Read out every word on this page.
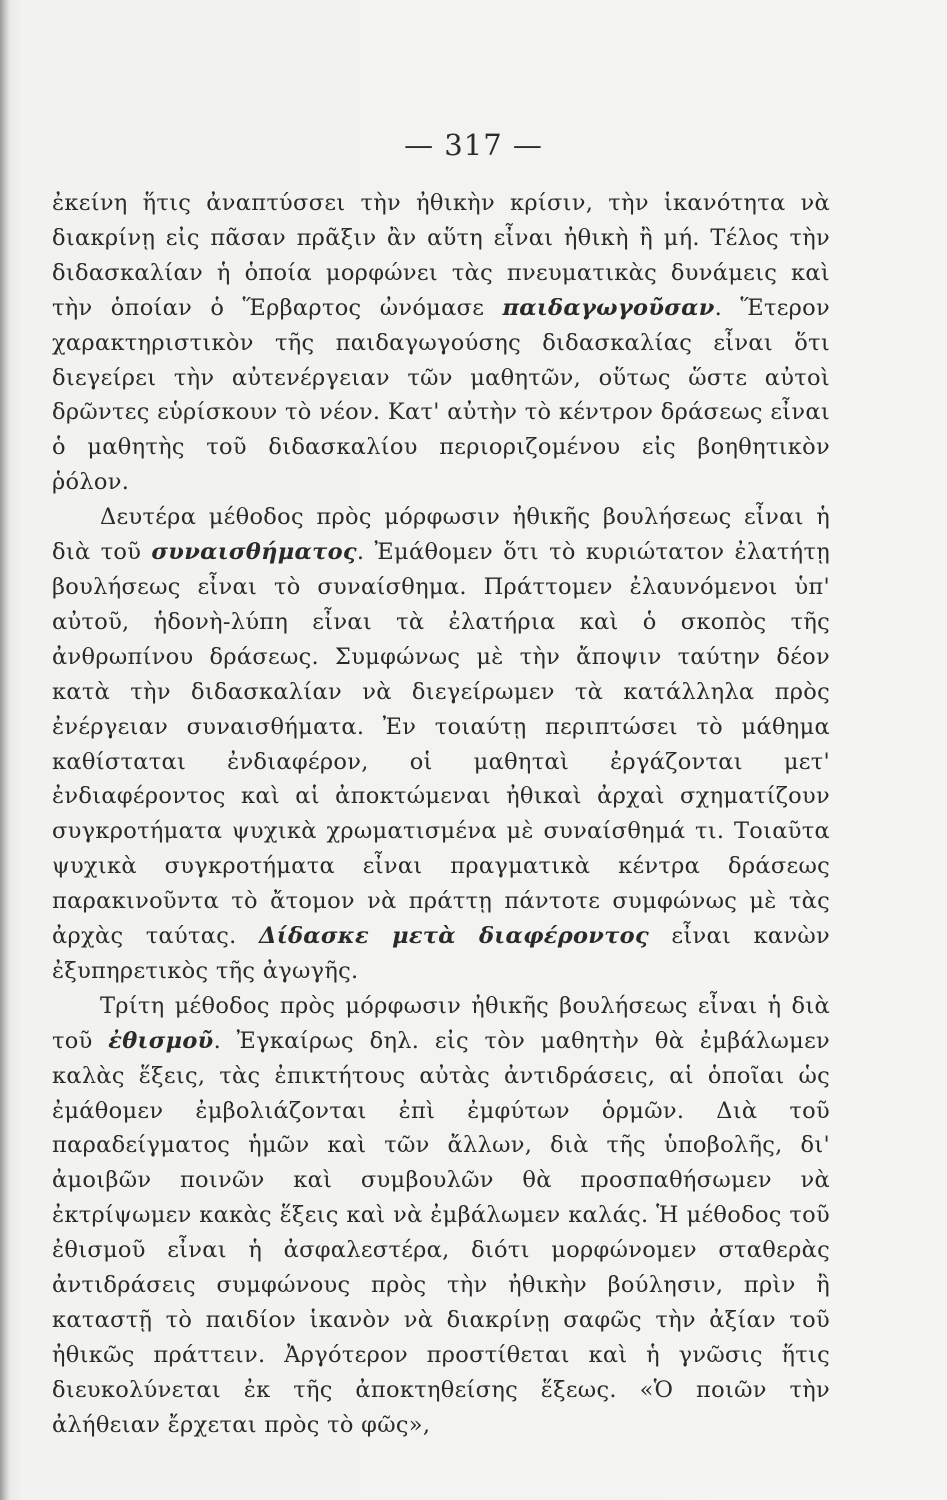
— 317 —

ἐκείνη ἥτις ἀναπτύσσει τὴν ἠθικὴν κρίσιν, τὴν ἱκανότητα νὰ διακρίνῃ εἰς πᾶσαν πρᾶξιν ἂν αὕτη εἶναι ἠθικὴ ἢ μή. Τέλος τὴν διδασκαλίαν ἡ ὁποία μορφώνει τὰς πνευματικὰς δυνάμεις καὶ τὴν ὁποίαν ὁ Ἕρβαρτος ὠνόμασε παιδαγωγοῦσαν. Ἕτερον χαρακτηριστικὸν τῆς παιδαγωγούσης διδασκαλίας εἶναι ὅτι διεγείρει τὴν αὐτενέργειαν τῶν μαθητῶν, οὕτως ὥστε αὐτοὶ δρῶντες εὑρίσκουν τὸ νέον. Κατ' αὐτὴν τὸ κέντρον δράσεως εἶναι ὁ μαθητὴς τοῦ διδασκαλίου περιοριζομένου εἰς βοηθητικὸν ῥόλον.

Δευτέρα μέθοδος πρὸς μόρφωσιν ἠθικῆς βουλήσεως εἶναι ἡ διὰ τοῦ συναισθήματος. Ἐμάθομεν ὅτι τὸ κυριώτατον ἐλατήτῃ βουλήσεως εἶναι τὸ συναίσθημα. Πράττομεν ἐλαυνόμενοι ὑπ' αὐτοῦ, ἡδονὴ-λύπη εἶναι τὰ ἐλατήρια καὶ ὁ σκοπὸς τῆς ἀνθρωπίνου δράσεως. Συμφώνως μὲ τὴν ἄποψιν ταύτην δέον κατὰ τὴν διδασκαλίαν νὰ διεγείρωμεν τὰ κατάλληλα πρὸς ἐνέργειαν συναισθήματα. Ἐν τοιαύτῃ περιπτώσει τὸ μάθημα καθίσταται ἐνδιαφέρον, οἱ μαθηταὶ ἐργάζονται μετ' ἐνδιαφέροντος καὶ αἱ ἀποκτώμεναι ἠθικαὶ ἀρχαὶ σχηματίζουν συγκροτήματα ψυχικὰ χρωματισμένα μὲ συναίσθημά τι. Τοιαῦτα ψυχικὰ συγκροτήματα εἶναι πραγματικὰ κέντρα δράσεως παρακινοῦντα τὸ ἄτομον νὰ πράττῃ πάντοτε συμφώνως μὲ τὰς ἀρχὰς ταύτας. Δίδασκε μετὰ διαφέροντος εἶναι κανὼν ἐξυπηρετικὸς τῆς ἀγωγῆς.

Τρίτη μέθοδος πρὸς μόρφωσιν ἠθικῆς βουλήσεως εἶναι ἡ διὰ τοῦ ἐθισμοῦ. Ἐγκαίρως δηλ. εἰς τὸν μαθητὴν θὰ ἐμβάλωμεν καλὰς ἕξεις, τὰς ἐπικτήτους αὐτὰς ἀντιδράσεις, αἱ ὁποῖαι ὡς ἐμάθομεν ἐμβολιάζονται ἐπὶ ἐμφύτων ὁρμῶν. Διὰ τοῦ παραδείγματος ἡμῶν καὶ τῶν ἄλλων, διὰ τῆς ὑποβολῆς, δι' ἀμοιβῶν ποινῶν καὶ συμβουλῶν θὰ προσπαθήσωμεν νὰ ἐκτρίψωμεν κακὰς ἕξεις καὶ νὰ ἐμβάλωμεν καλάς. Ἡ μέθοδος τοῦ ἐθισμοῦ εἶναι ἡ ἀσφαλεστέρα, διότι μορφώνομεν σταθερὰς ἀντιδράσεις συμφώνους πρὸς τὴν ἠθικὴν βούλησιν, πρὶν ἢ καταστῇ τὸ παιδίον ἱκανὸν νὰ διακρίνῃ σαφῶς τὴν ἀξίαν τοῦ ἠθικῶς πράττειν. Ἀργότερον προστίθεται καὶ ἡ γνῶσις ἥτις διευκολύνεται ἐκ τῆς ἀποκτηθείσης ἕξεως. «Ὁ ποιῶν τὴν ἀλήθειαν ἔρχεται πρὸς τὸ φῶς»,
